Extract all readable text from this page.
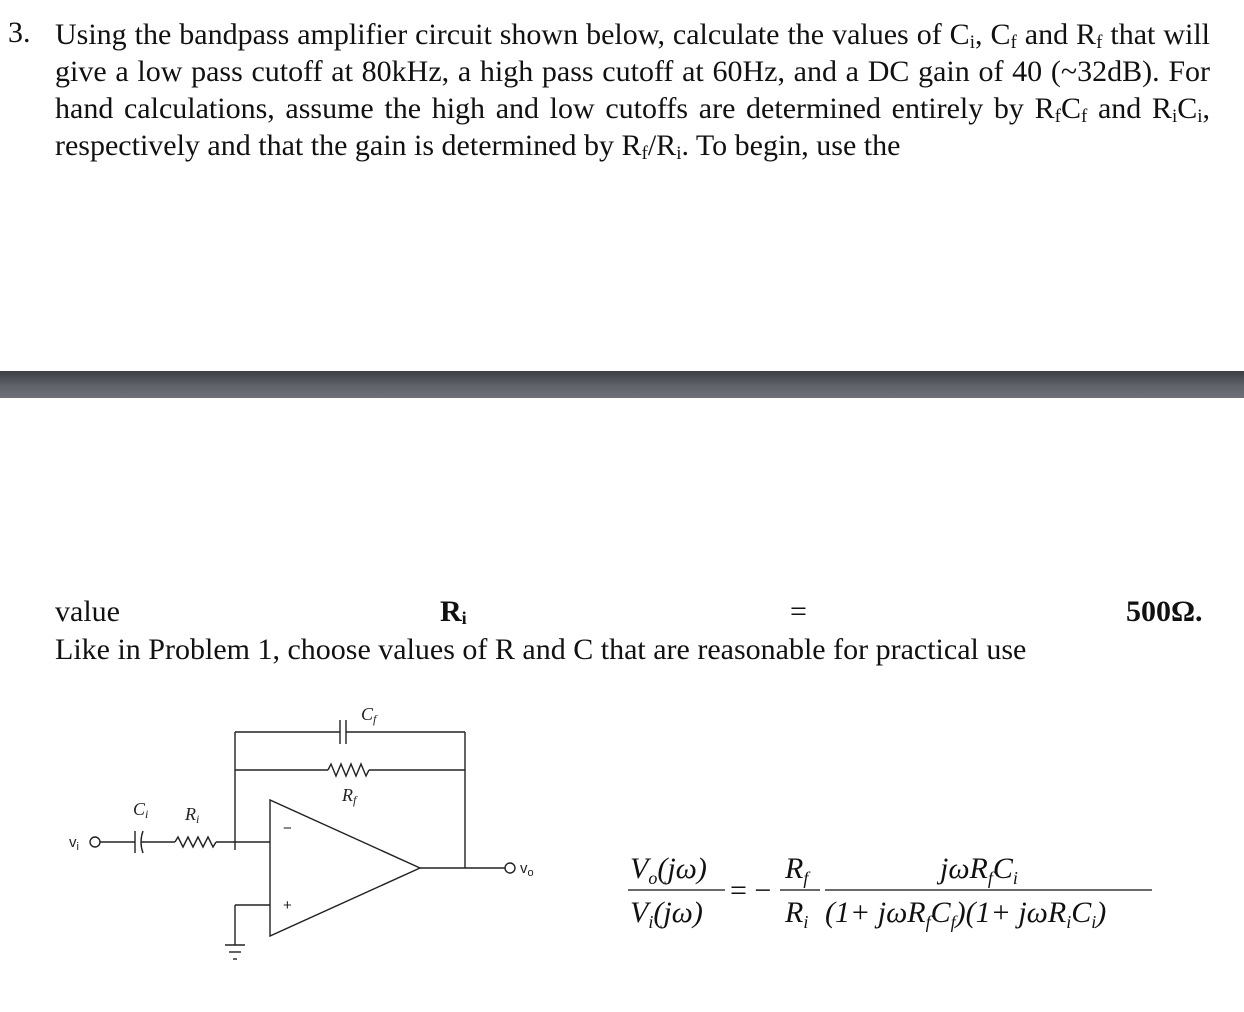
3. Using the bandpass amplifier circuit shown below, calculate the values of $C_i$, $C_f$ and $R_f$ that will give a low pass cutoff at 80kHz, a high pass cutoff at 60Hz, and a DC gain of 40 (~32dB). For hand calculations, assume the high and low cutoffs are determined entirely by $R_fC_f$ and $R_iC_i$, respectively and that the gain is determined by $R_f/R_i$. To begin, use the
value	$R_i$	=	500Ω.
Like in Problem 1, choose values of R and C that are reasonable for practical use
Cf
Rf
Ci Ri
$v_i$
$v_o$
−
+
$V_o(j\omega)$
$V_i(j\omega)$
= −
$R_f$
$R_i$
$j\omega R_fC_i$
$(1+ j\omega R_fC_f)(1+ j\omega R_iC_i)$
